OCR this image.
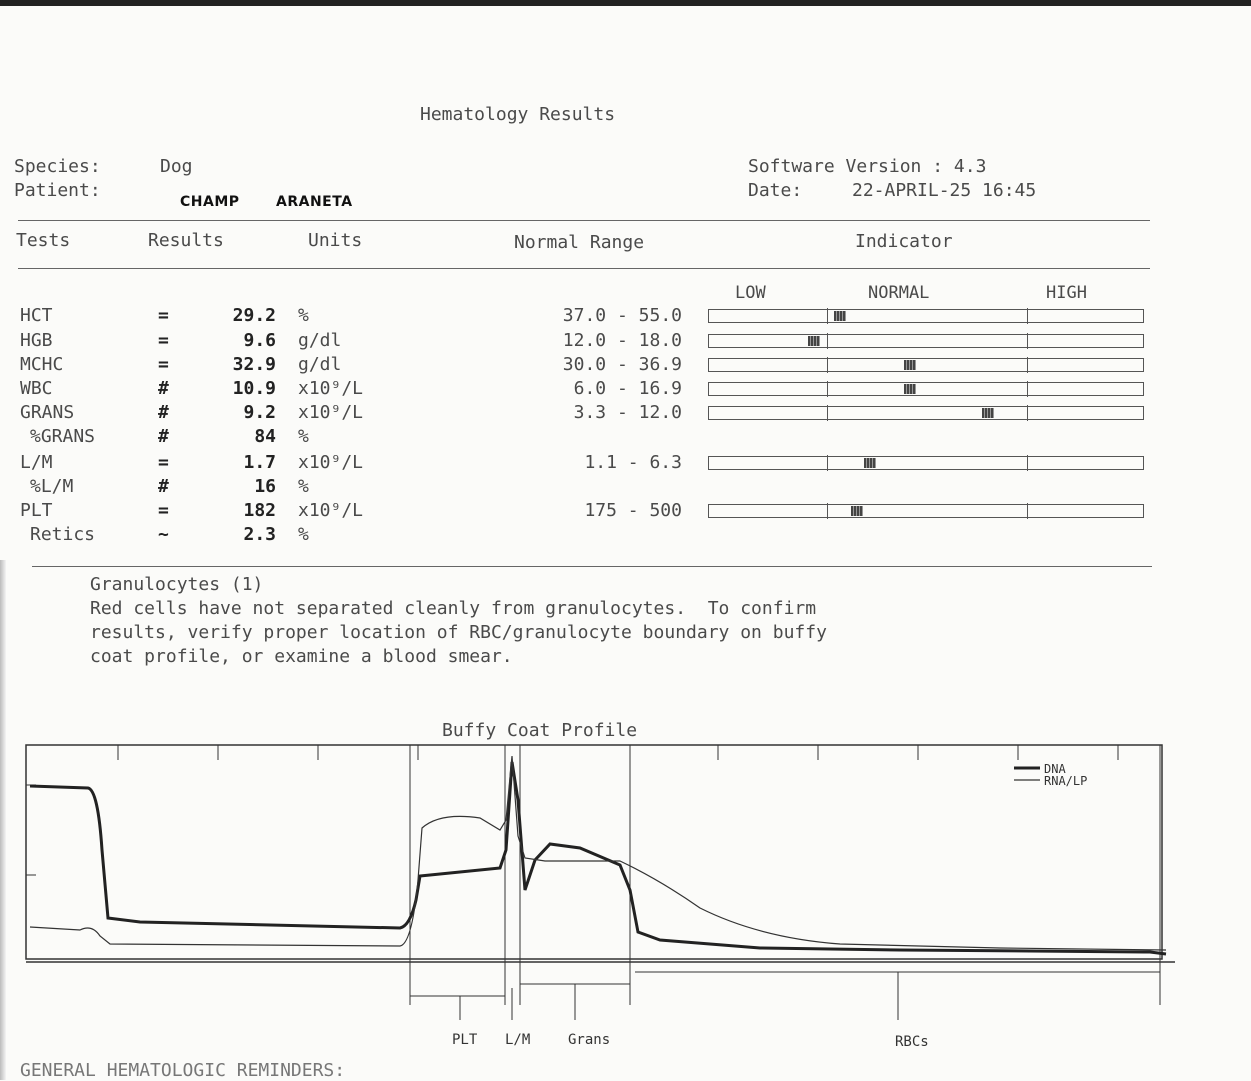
Hematology Results
Species:	Dog
Patient:
CHAMP	ARANETA
Software Version : 4.3
Date:	22-APRIL-25 16:45
Tests	Results	Units	Normal Range	Indicator
LOW	NORMAL	HIGH
HCT	=	29.2 %	37.0 - 55.0
HGB	=	9.6 g/dl	12.0 - 18.0
MCHC	=	32.9 g/dl	30.0 - 36.9
WBC	#	10.9 x10⁹/L	6.0 - 16.9
GRANS	#	9.2 x10⁹/L	3.3 - 12.0
%GRANS	#	84 %
L/M	=	1.7 x10⁹/L	1.1 - 6.3
%L/M	#	16 %
PLT	=	182 x10⁹/L	175 - 500
Retics	~	2.3 %
Granulocytes (1)
Red cells have not separated cleanly from granulocytes.  To confirm
results, verify proper location of RBC/granulocyte boundary on buffy
coat profile, or examine a blood smear.
Buffy Coat Profile
DNA
RNA/LP
PLT L/M	Grans	RBCs
GENERAL HEMATOLOGIC REMINDERS:
